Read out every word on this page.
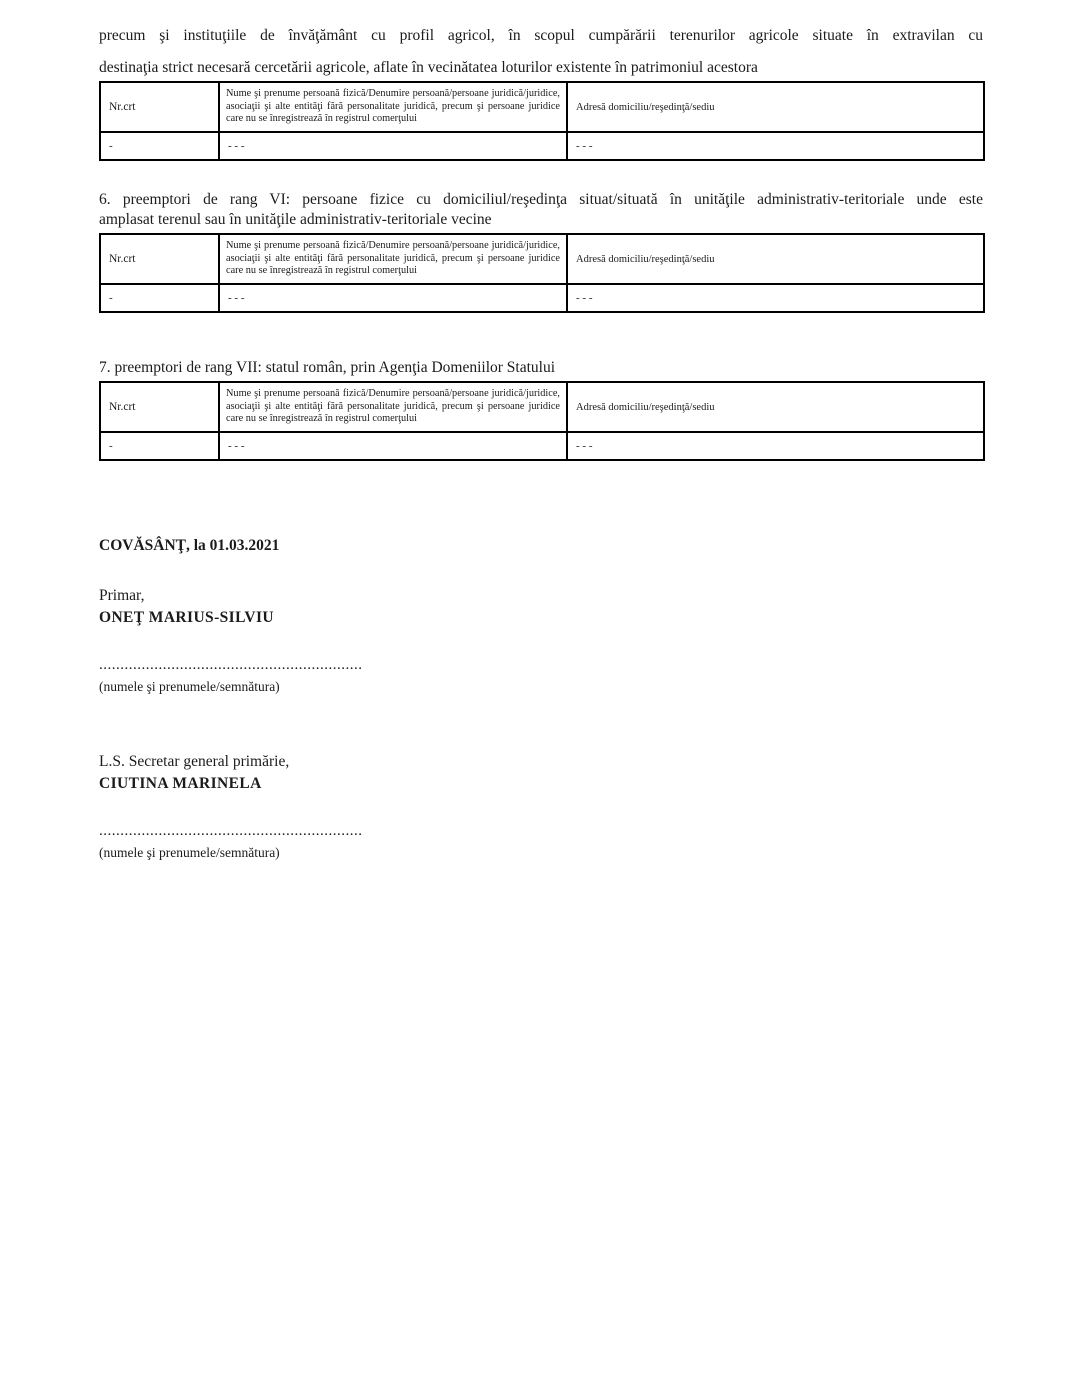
precum şi instituţiile de învăţământ cu profil agricol, în scopul cumpărării terenurilor agricole situate în extravilan cu
destinaţia strict necesară cercetării agricole, aflate în vecinătatea loturilor existente în patrimoniul acestora
Nr.crt	Nume şi prenume persoană fizică/Denumire persoană/persoane juridică/juridice, asociaţii şi alte entităţi fără personalitate juridică, precum şi persoane juridice care nu se înregistrează în registrul comerţului	Adresă domiciliu/reşedinţă/sediu
-	- - -	- - -
6. preemptori de rang VI: persoane fizice cu domiciliul/reşedinţa situat/situată în unităţile administrativ-teritoriale unde este
amplasat terenul sau în unităţile administrativ-teritoriale vecine
Nr.crt	Nume şi prenume persoană fizică/Denumire persoană/persoane juridică/juridice, asociaţii şi alte entităţi fără personalitate juridică, precum şi persoane juridice care nu se înregistrează în registrul comerţului	Adresă domiciliu/reşedinţă/sediu
-	- - -	- - -
7. preemptori de rang VII: statul român, prin Agenţia Domeniilor Statului
Nr.crt	Nume şi prenume persoană fizică/Denumire persoană/persoane juridică/juridice, asociaţii şi alte entităţi fără personalitate juridică, precum şi persoane juridice care nu se înregistrează în registrul comerţului	Adresă domiciliu/reşedinţă/sediu
-	- - -	- - -
COVĂSÂNŢ, la 01.03.2021
Primar,
ONEŢ MARIUS-SILVIU
..............................................................
(numele şi prenumele/semnătura)
L.S. Secretar general primărie,
CIUTINA MARINELA
..............................................................
(numele şi prenumele/semnătura)
